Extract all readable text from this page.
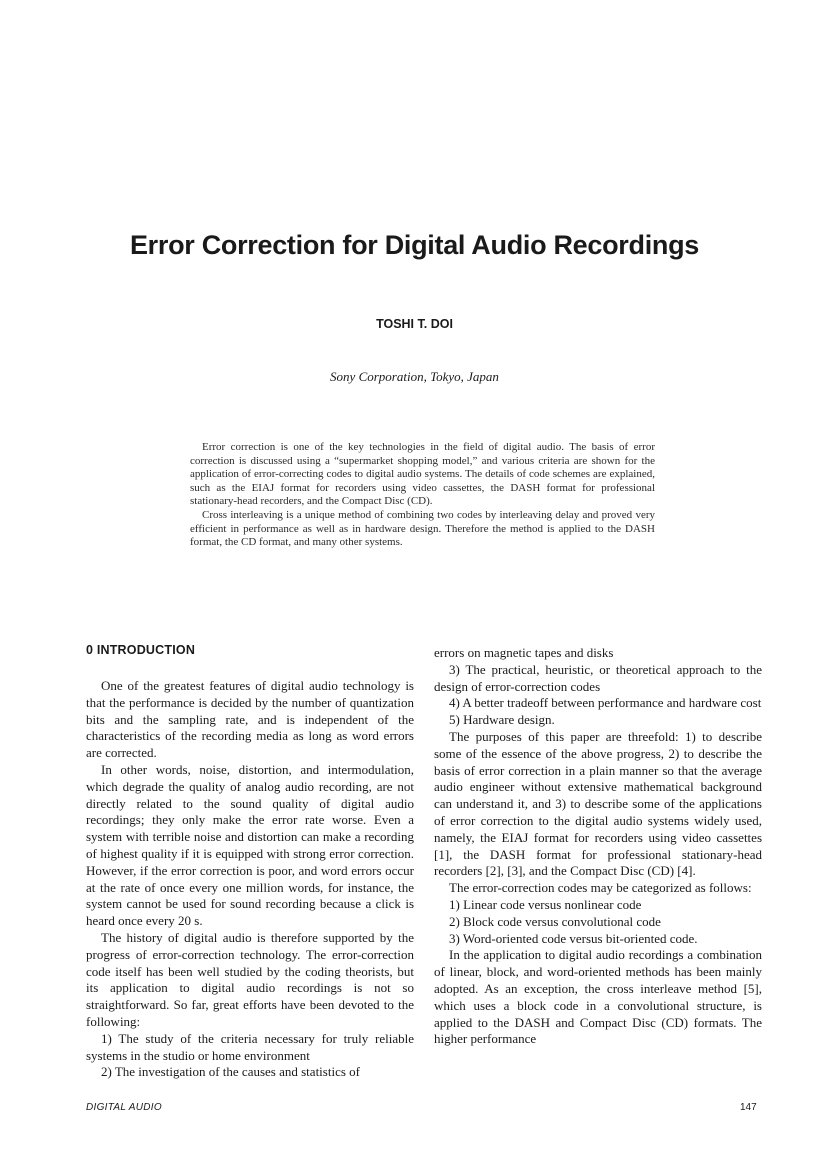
Error Correction for Digital Audio Recordings
TOSHI T. DOI
Sony Corporation, Tokyo, Japan

Error correction is one of the key technologies in the field of digital audio. The basis of error correction is discussed using a “supermarket shopping model,” and various criteria are shown for the application of error-correcting codes to digital audio systems. The details of code schemes are explained, such as the EIAJ format for recorders using video cassettes, the DASH format for professional stationary-head recorders, and the Compact Disc (CD).

Cross interleaving is a unique method of combining two codes by interleaving delay and proved very efficient in performance as well as in hardware design. Therefore the method is applied to the DASH format, the CD format, and many other systems.

0 INTRODUCTION

One of the greatest features of digital audio technology is that the performance is decided by the number of quantization bits and the sampling rate, and is independent of the characteristics of the recording media as long as word errors are corrected.

In other words, noise, distortion, and intermodulation, which degrade the quality of analog audio recording, are not directly related to the sound quality of digital audio recordings; they only make the error rate worse. Even a system with terrible noise and distortion can make a recording of highest quality if it is equipped with strong error correction. However, if the error correction is poor, and word errors occur at the rate of once every one million words, for instance, the system cannot be used for sound recording because a click is heard once every 20 s.

The history of digital audio is therefore supported by the progress of error-correction technology. The error-correction code itself has been well studied by the coding theorists, but its application to digital audio recordings is not so straightforward. So far, great efforts have been devoted to the following:

1) The study of the criteria necessary for truly reliable systems in the studio or home environment

2) The investigation of the causes and statistics of

errors on magnetic tapes and disks

3) The practical, heuristic, or theoretical approach to the design of error-correction codes

4) A better tradeoff between performance and hardware cost

5) Hardware design.

The purposes of this paper are threefold: 1) to describe some of the essence of the above progress, 2) to describe the basis of error correction in a plain manner so that the average audio engineer without extensive mathematical background can understand it, and 3) to describe some of the applications of error correction to the digital audio systems widely used, namely, the EIAJ format for recorders using video cassettes [1], the DASH format for professional stationary-head recorders [2], [3], and the Compact Disc (CD) [4].

The error-correction codes may be categorized as follows:

1) Linear code versus nonlinear code

2) Block code versus convolutional code

3) Word-oriented code versus bit-oriented code.

In the application to digital audio recordings a combination of linear, block, and word-oriented methods has been mainly adopted. As an exception, the cross interleave method [5], which uses a block code in a convolutional structure, is applied to the DASH and Compact Disc (CD) formats. The higher performance

DIGITAL AUDIO	147
